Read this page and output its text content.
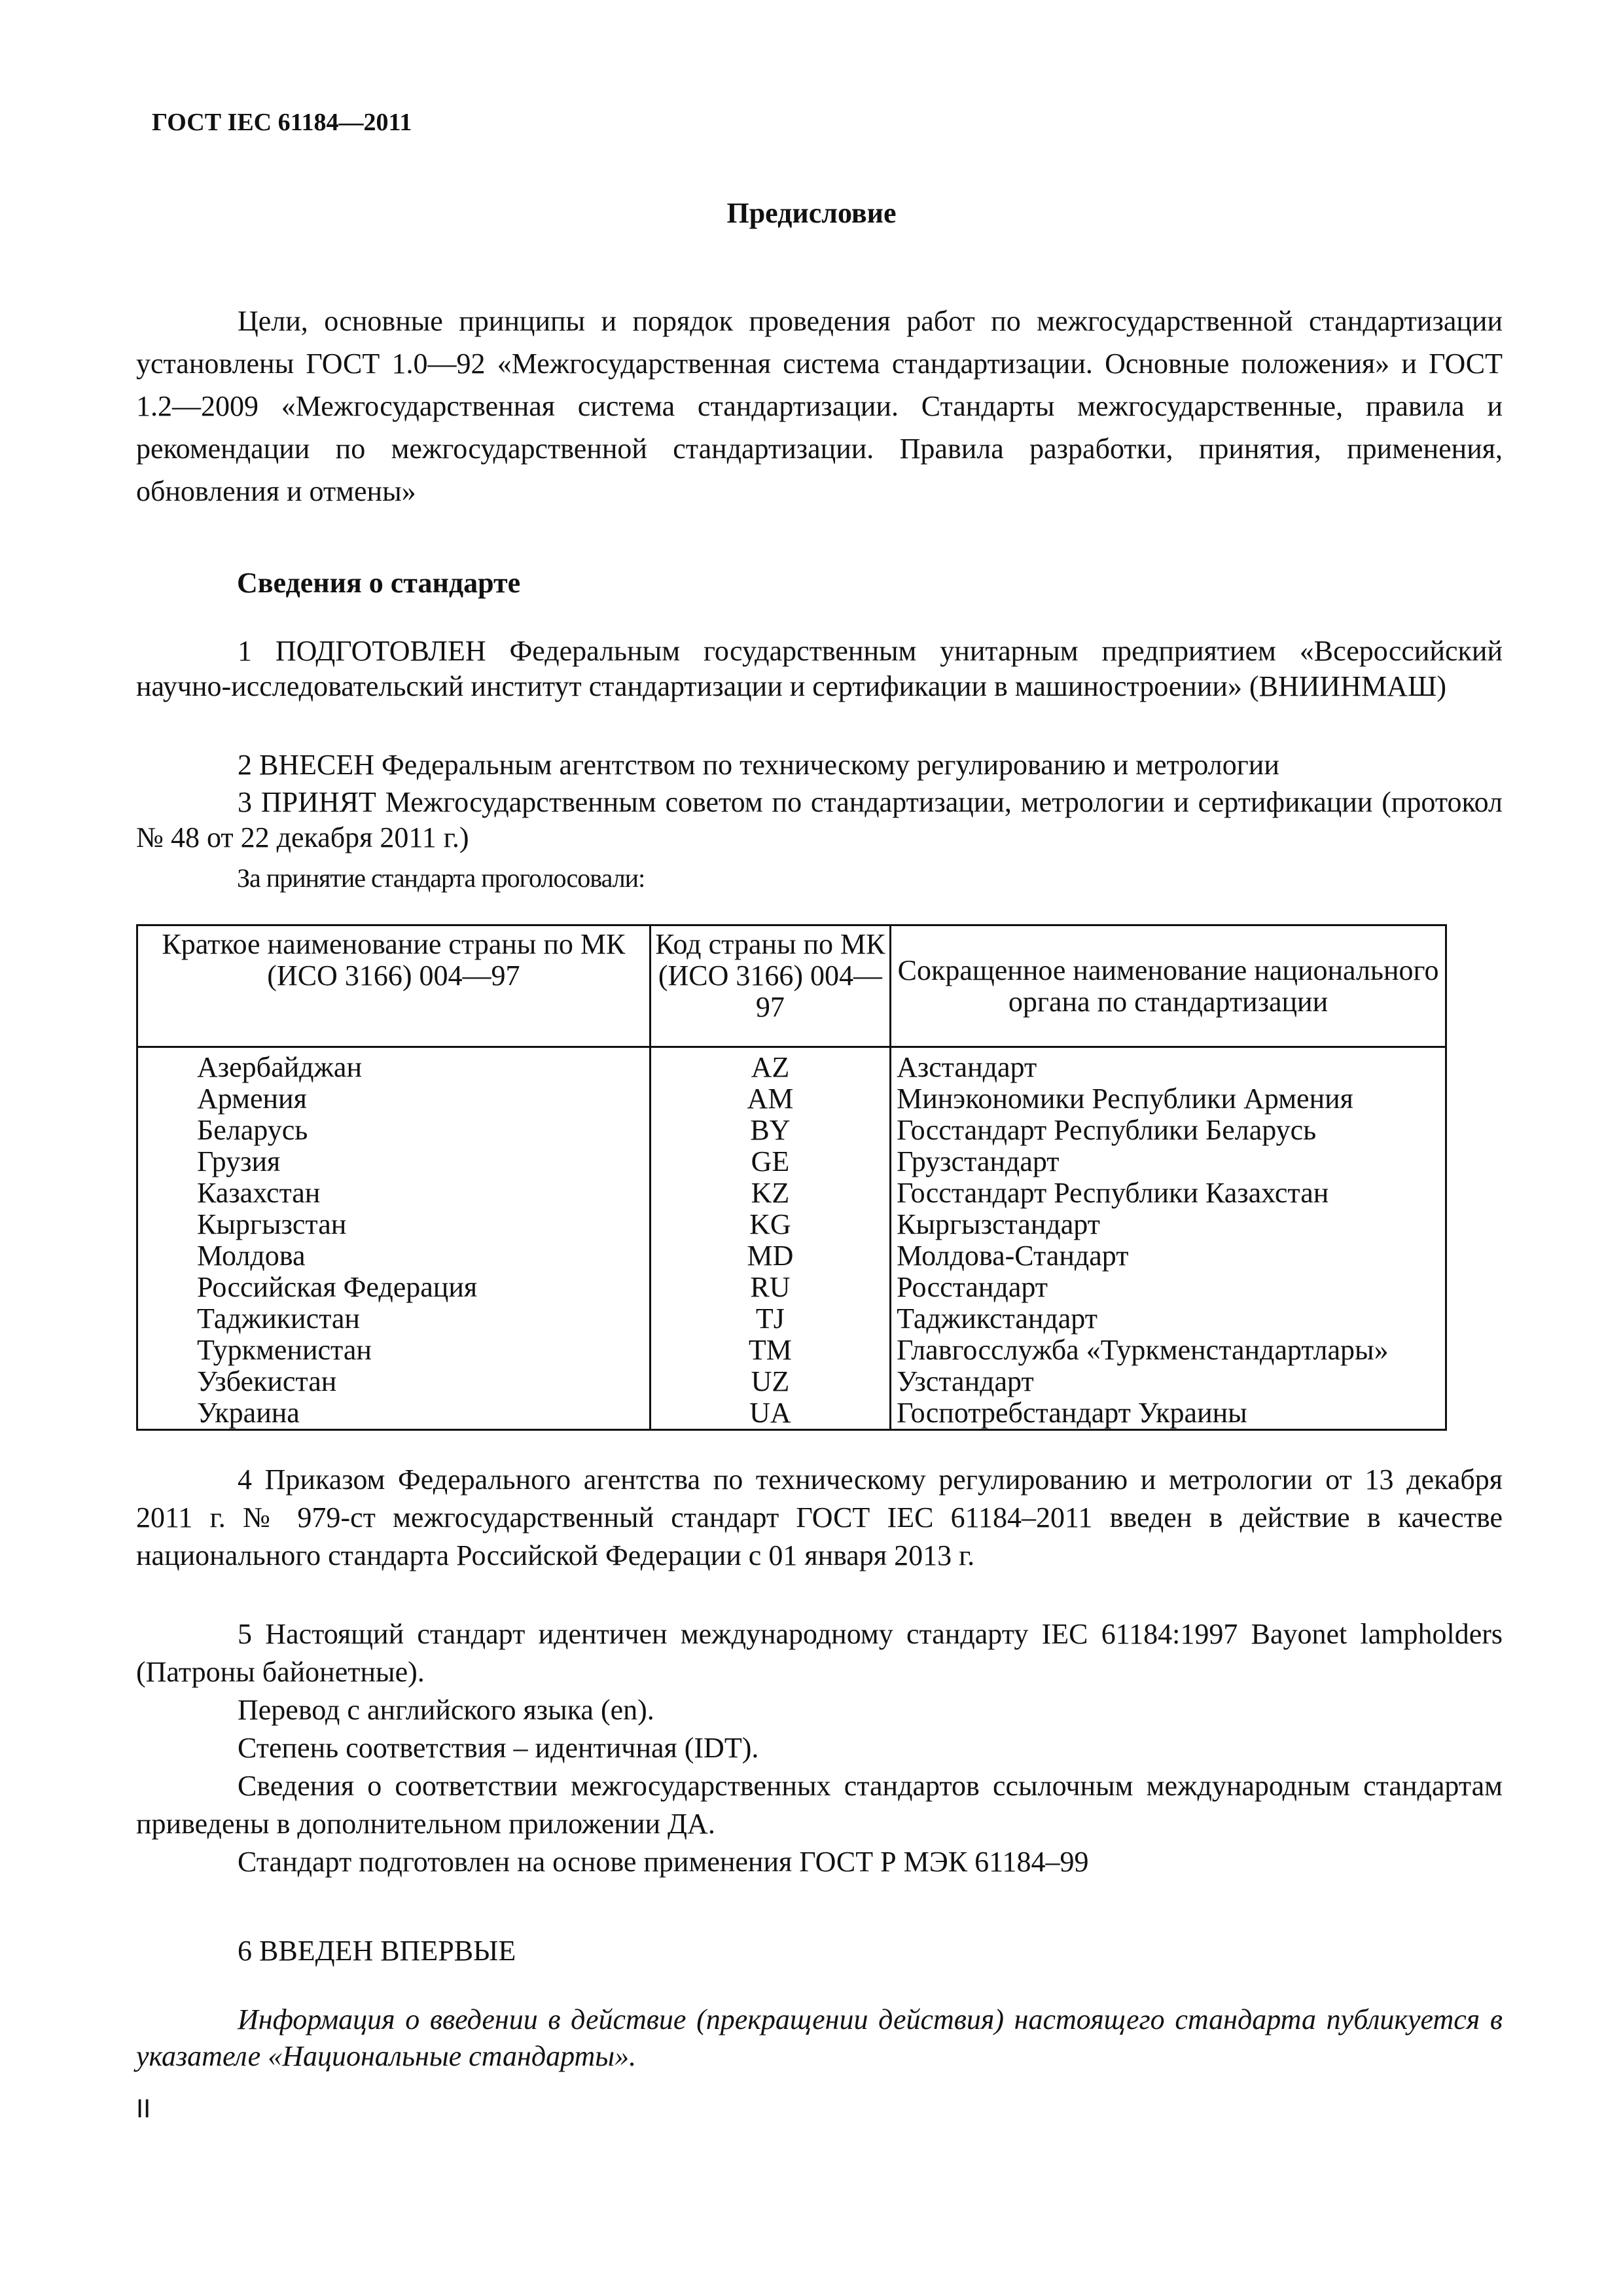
ГОСТ IEC 61184—2011
Предисловие
Цели, основные принципы и порядок проведения работ по межгосударственной стандартизации установлены ГОСТ 1.0—92 «Межгосударственная система стандартизации. Основные положения» и ГОСТ 1.2—2009 «Межгосударственная система стандартизации. Стандарты межгосударственные, правила и рекомендации по межгосударственной стандартизации. Правила разработки, принятия, применения, обновления и отмены»
Сведения о стандарте
1 ПОДГОТОВЛЕН Федеральным государственным унитарным предприятием «Всероссийский научно-исследовательский институт стандартизации и сертификации в машиностроении» (ВНИИНМАШ)
2 ВНЕСЕН Федеральным агентством по техническому регулированию и метрологии
3 ПРИНЯТ Межгосударственным советом по стандартизации, метрологии и сертификации (протокол № 48 от 22 декабря 2011 г.)
За принятие стандарта проголосовали:
Краткое наименование страны по МК (ИСО 3166) 004—97	Код страны по МК (ИСО 3166) 004—97	Сокращенное наименование национального органа по стандартизации
Азербайджан	AZ	Азстандарт
Армения	AM	Минэкономики Республики Армения
Беларусь	BY	Госстандарт Республики Беларусь
Грузия	GE	Грузстандарт
Казахстан	KZ	Госстандарт Республики Казахстан
Кыргызстан	KG	Кыргызстандарт
Молдова	MD	Молдова-Стандарт
Российская Федерация	RU	Росстандарт
Таджикистан	TJ	Таджикстандарт
Туркменистан	TM	Главгосслужба «Туркменстандартлары»
Узбекистан	UZ	Узстандарт
Украина	UA	Госпотребстандарт Украины
4 Приказом Федерального агентства по техническому регулированию и метрологии от 13 декабря 2011 г. № 979-ст межгосударственный стандарт ГОСТ IEC 61184–2011 введен в действие в качестве национального стандарта Российской Федерации с 01 января 2013 г.
5 Настоящий стандарт идентичен международному стандарту IEC 61184:1997 Bayonet lampholders (Патроны байонетные).
Перевод с английского языка (en).
Степень соответствия – идентичная (IDT).
Сведения о соответствии межгосударственных стандартов ссылочным международным стандартам приведены в дополнительном приложении ДА.
Стандарт подготовлен на основе применения ГОСТ Р МЭК 61184–99
6 ВВЕДЕН ВПЕРВЫЕ
Информация о введении в действие (прекращении действия) настоящего стандарта публикуется в указателе «Национальные стандарты».
II
